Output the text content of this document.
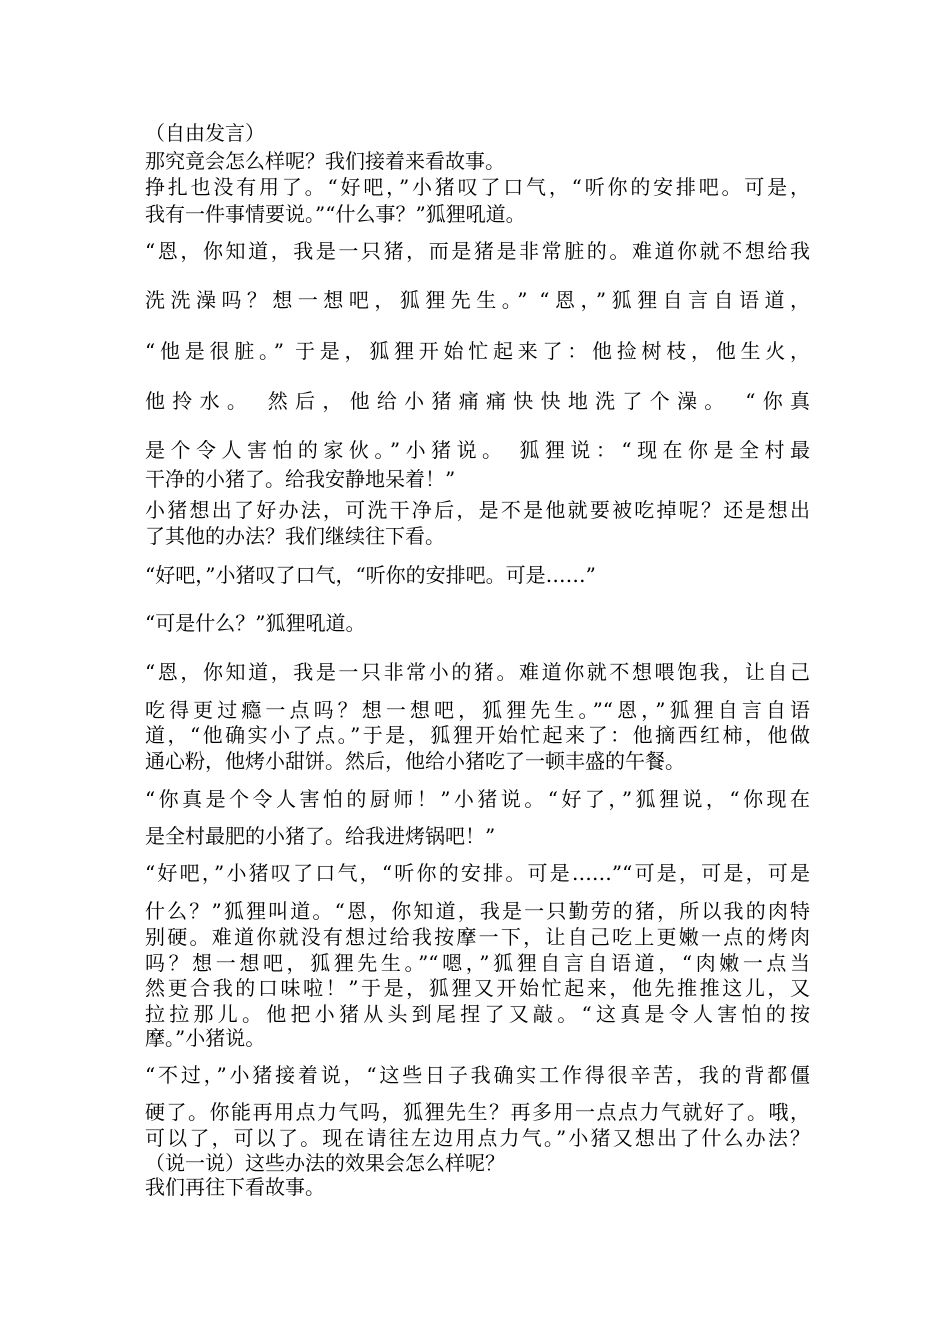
（自由发言）
那究竟会怎么样呢？我们接着来看故事。
挣扎也没有用了。“好吧，”小猪叹了口气，“听你的安排吧。可是，
我有一件事情要说。”“什么事？”狐狸吼道。
“恩，你知道，我是一只猪，而是猪是非常脏的。难道你就不想给我
洗洗澡吗？想一想吧，狐狸先生。” “恩，”狐狸自言自语道，
“他是很脏。” 于是，狐狸开始忙起来了：他捡树枝，他生火，
他拎水。 然后，他给小猪痛痛快快地洗了个澡。 “你真
是个令人害怕的家伙。”小猪说。 狐狸说：“现在你是全村最
干净的小猪了。给我安静地呆着！”
小猪想出了好办法，可洗干净后，是不是他就要被吃掉呢？还是想出
了其他的办法？我们继续往下看。
“好吧，”小猪叹了口气，“听你的安排吧。可是……”
“可是什么？”狐狸吼道。
“恩，你知道，我是一只非常小的猪。难道你就不想喂饱我，让自己
吃得更过瘾一点吗？想一想吧，狐狸先生。”“恩，”狐狸自言自语
道，“他确实小了点。”于是，狐狸开始忙起来了：他摘西红柿，他做
通心粉，他烤小甜饼。然后，他给小猪吃了一顿丰盛的午餐。
“你真是个令人害怕的厨师！”小猪说。“好了，”狐狸说，“你现在
是全村最肥的小猪了。给我进烤锅吧！”
“好吧，”小猪叹了口气，“听你的安排。可是……”“可是，可是，可是
什么？”狐狸叫道。“恩，你知道，我是一只勤劳的猪，所以我的肉特
别硬。难道你就没有想过给我按摩一下，让自己吃上更嫩一点的烤肉
吗？想一想吧，狐狸先生。”“嗯，”狐狸自言自语道，“肉嫩一点当
然更合我的口味啦！”于是，狐狸又开始忙起来，他先推推这儿，又
拉拉那儿。他把小猪从头到尾捏了又敲。“这真是令人害怕的按
摩。”小猪说。
“不过，”小猪接着说，“这些日子我确实工作得很辛苦，我的背都僵
硬了。你能再用点力气吗，狐狸先生？再多用一点点力气就好了。哦，
可以了，可以了。现在请往左边用点力气。”小猪又想出了什么办法？
（说一说）这些办法的效果会怎么样呢？
我们再往下看故事。
